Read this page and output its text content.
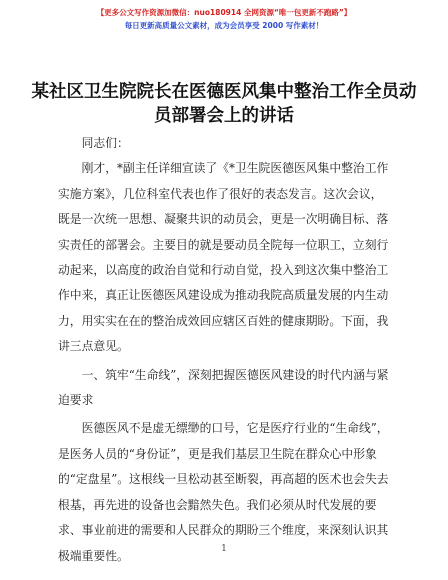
【更多公文写作资源加微信：nuo180914 全网资源“唯一包更新不跑路”】
每日更新高质量公文素材，成为会员享受 2000 写作素材！
某社区卫生院院长在医德医风集中整治工作全员动员部署会上的讲话

同志们：

刚才，*副主任详细宣读了《*卫生院医德医风集中整治工作实施方案》，几位科室代表也作了很好的表态发言。这次会议，既是一次统一思想、凝聚共识的动员会，更是一次明确目标、落实责任的部署会。主要目的就是要动员全院每一位职工，立刻行动起来，以高度的政治自觉和行动自觉，投入到这次集中整治工作中来，真正让医德医风建设成为推动我院高质量发展的内生动力，用实实在在的整治成效回应辖区百姓的健康期盼。下面，我讲三点意见。

一、筑牢“生命线”，深刻把握医德医风建设的时代内涵与紧迫要求

医德医风不是虚无缥缈的口号，它是医疗行业的“生命线”，是医务人员的“身份证”，更是我们基层卫生院在群众心中形象的“定盘星”。这根线一旦松动甚至断裂，再高超的医术也会失去根基，再先进的设备也会黯然失色。我们必须从时代发展的要求、事业前进的需要和人民群众的期盼三个维度，来深刻认识其极端重要性。	1
